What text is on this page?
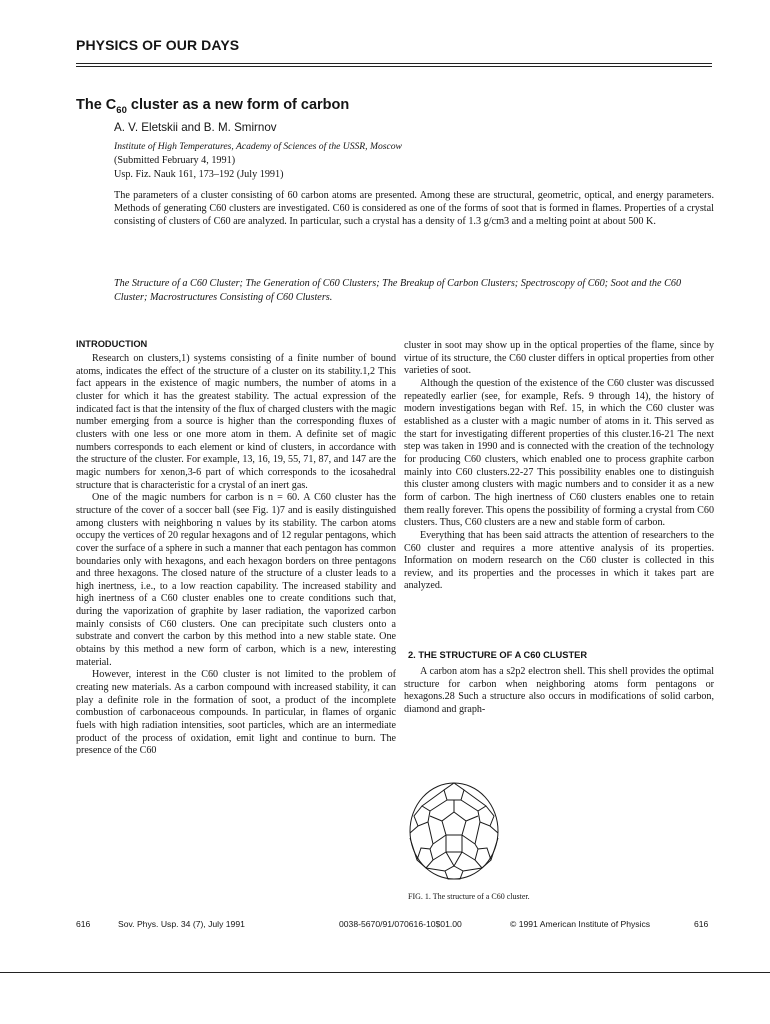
PHYSICS OF OUR DAYS
The $C_{60}$ cluster as a new form of carbon
A. V. Eletskii and B. M. Smirnov
Institute of High Temperatures, Academy of Sciences of the USSR, Moscow
(Submitted February 4, 1991)
Usp. Fiz. Nauk 161, 173–192 (July 1991)
The parameters of a cluster consisting of 60 carbon atoms are presented. Among these are structural, geometric, optical, and energy parameters. Methods of generating C60 clusters are investigated. C60 is considered as one of the forms of soot that is formed in flames. Properties of a crystal consisting of clusters of C60 are analyzed. In particular, such a crystal has a density of 1.3 g/cm3 and a melting point at about 500 K.
The Structure of a C60 Cluster; The Generation of C60 Clusters; The Breakup of Carbon Clusters; Spectroscopy of C60; Soot and the C60 Cluster; Macrostructures Consisting of C60 Clusters.
INTRODUCTION

Research on clusters,1) systems consisting of a finite number of bound atoms, indicates the effect of the structure of a cluster on its stability.1,2 This fact appears in the existence of magic numbers, the number of atoms in a cluster for which it has the greatest stability. The actual expression of the indicated fact is that the intensity of the flux of charged clusters with the magic number emerging from a source is higher than the corresponding fluxes of clusters with one less or one more atom in them. A definite set of magic numbers corresponds to each element or kind of clusters, in accordance with the structure of the cluster. For example, 13, 16, 19, 55, 71, 87, and 147 are the magic numbers for xenon,3-6 part of which corresponds to the icosahedral structure that is characteristic for a crystal of an inert gas.

One of the magic numbers for carbon is n = 60. A C60 cluster has the structure of the cover of a soccer ball (see Fig. 1)7 and is easily distinguished among clusters with neighboring n values by its stability. The carbon atoms occupy the vertices of 20 regular hexagons and of 12 regular pentagons, which cover the surface of a sphere in such a manner that each pentagon has common boundaries only with hexagons, and each hexagon borders on three pentagons and three hexagons. The closed nature of the structure of a cluster leads to a high inertness, i.e., to a low reaction capability. The increased stability and high inertness of a C60 cluster enables one to create conditions such that, during the vaporization of graphite by laser radiation, the vaporized carbon mainly consists of C60 clusters. One can precipitate such clusters onto a substrate and convert the carbon by this method into a new stable state. One obtains by this method a new form of carbon, which is a new, interesting material.

However, interest in the C60 cluster is not limited to the problem of creating new materials. As a carbon compound with increased stability, it can play a definite role in the formation of soot, a product of the incomplete combustion of carbonaceous compounds. In particular, in flames of organic fuels with high radiation intensities, soot particles, which are an intermediate product of the process of oxidation, emit light and continue to burn. The presence of the C60

cluster in soot may show up in the optical properties of the flame, since by virtue of its structure, the C60 cluster differs in optical properties from other varieties of soot.

Although the question of the existence of the C60 cluster was discussed repeatedly earlier (see, for example, Refs. 9 through 14), the history of modern investigations began with Ref. 15, in which the C60 cluster was established as a cluster with a magic number of atoms in it. This served as the start for investigating different properties of this cluster.16-21 The next step was taken in 1990 and is connected with the creation of the technology for producing C60 clusters, which enabled one to process graphite carbon mainly into C60 clusters.22-27 This possibility enables one to distinguish this cluster among clusters with magic numbers and to consider it as a new form of carbon. The high inertness of C60 clusters enables one to retain them really forever. This opens the possibility of forming a crystal from C60 clusters. Thus, C60 clusters are a new and stable form of carbon.

Everything that has been said attracts the attention of researchers to the C60 cluster and requires a more attentive analysis of its properties. Information on modern research on the C60 cluster is collected in this review, and its properties and the processes in which it takes part are analyzed.

2. THE STRUCTURE OF A C60 CLUSTER

A carbon atom has a s2p2 electron shell. This shell provides the optimal structure for carbon when neighboring atoms form pentagons or hexagons.28 Such a structure also occurs in modifications of solid carbon, diamond and graph-

FIG. 1. The structure of a C60 cluster.
616	Sov. Phys. Usp. 34 (7), July 1991	0038-5670/91/070616-10$01.00	© 1991 American Institute of Physics	616
